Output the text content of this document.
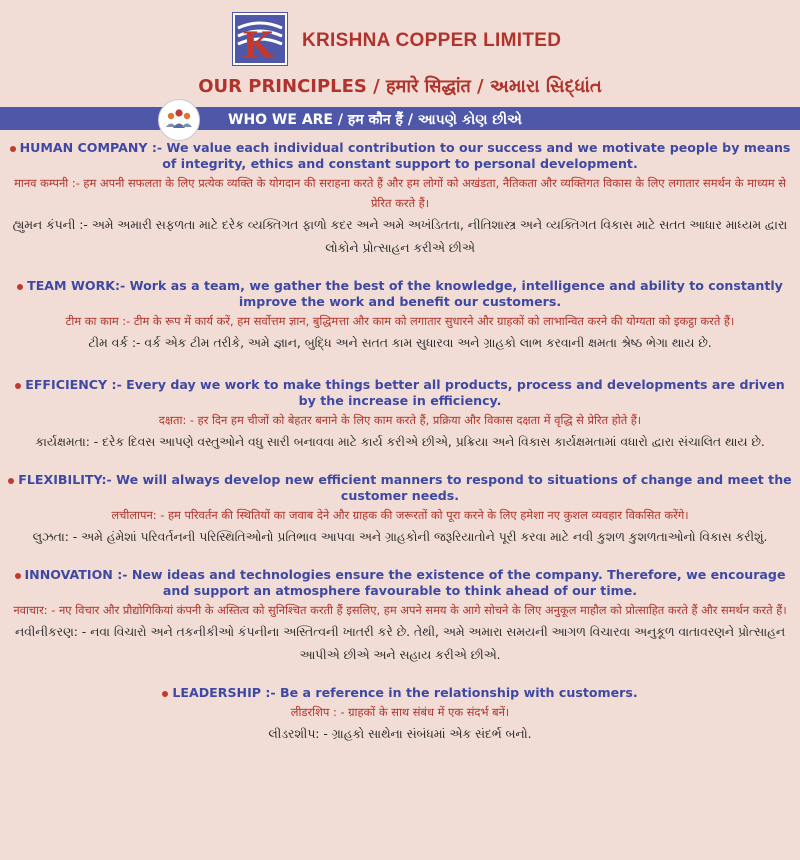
K KRISHNA COPPER LIMITED
OUR PRINCIPLES / हमारे सिद्धांत / અમારા સિદ્ધાંત
WHO WE ARE / हम कौन हैं / આપણે કોણ છીએ
HUMAN COMPANY :- We value each individual contribution to our success and we motivate people by means of integrity, ethics and constant support to personal development.
मानव कम्पनी :- हम अपनी सफलता के लिए प्रत्येक व्यक्ति के योगदान की सराहना करते हैं और हम लोगों को अखंडता, नैतिकता और व्यक्तिगत विकास के लिए लगातार समर्थन के माध्यम से प्रेरित करते हैं।
હ્યુમન કંપની :- અમે અમારી સફળતા માટે દરેક વ્યક્તિગત ફાળો કદર અને અમે અખંડિતતા, નીતિશાસ્ત્ર અને વ્યક્તિગત વિકાસ માટે સતત આધાર માધ્યમ દ્વારા લોકોને પ્રોત્સાહન કરીએ છીએ
TEAM WORK:- Work as a team, we gather the best of the knowledge, intelligence and ability to constantly improve the work and benefit our customers.
टीम का काम :- टीम के रूप में कार्य करें, हम सर्वोत्तम ज्ञान, बुद्धिमत्ता और काम को लगातार सुधारने और ग्राहकों को लाभान्वित करने की योग्यता को इकट्ठा करते हैं।
ટીમ વર્ક :- વર્ક એક ટીમ તરીકે, અમે જ્ઞાન, બુદ્ધિ અને સતત કામ સુધારવા અને ગ્રાહકો લાભ કરવાની ક્ષમતા શ્રેષ્ઠ ભેગા થાય છે.
EFFICIENCY :- Every day we work to make things better all products, process and developments are driven by the increase in efficiency.
दक्षता: - हर दिन हम चीजों को बेहतर बनाने के लिए काम करते हैं, प्रक्रिया और विकास दक्षता में वृद्धि से प्रेरित होते हैं।
કાર્યક્ષમતા: - દરેક દિવસ આપણે વસ્તુઓને વધુ સારી બનાવવા માટે કાર્ય કરીએ છીએ, પ્રક્રિયા અને વિકાસ કાર્યક્ષમતામાં વધારો દ્વારા સંચાલિત થાય છે.
FLEXIBILITY:- We will always develop new efficient manners to respond to situations of change and meet the customer needs.
लचीलापन: - हम परिवर्तन की स्थितियों का जवाब देने और ग्राहक की जरूरतों को पूरा करने के लिए हमेशा नए कुशल व्यवहार विकसित करेंगे।
લુઝતા: - અમે હંમેશાં પરિવર્તનની પરિસ્થિતિઓનો પ્રતિભાવ આપવા અને ગ્રાહકોની જરૂરિયાતોને પૂરી કરવા માટે નવી કુશળ કુશળતાઓનો વિકાસ કરીશું.
INNOVATION :- New ideas and technologies ensure the existence of the company. Therefore, we encourage and support an atmosphere favourable to think ahead of our time.
नवाचार: - नए विचार और प्रौद्योगिकियां कंपनी के अस्तित्व को सुनिश्चित करती हैं इसलिए, हम अपने समय के आगे सोचने के लिए अनुकूल माहौल को प्रोत्साहित करते हैं और समर्थन करते हैं।
નવીનીકરણ: - નવા વિચારો અને તકનીકીઓ કંપનીના અસ્તિત્વની ખાતરી કરે છે. તેથી, અમે અમારા સમયની આગળ વિચારવા અનુકૂળ વાતાવરણને પ્રોત્સાહન આપીએ છીએ અને સહાય કરીએ છીએ.
LEADERSHIP :- Be a reference in the relationship with customers.
लीडरशिप : - ग्राहकों के साथ संबंध में एक संदर्भ बनें।
લીડરશીપ: - ગ્રાહકો સાથેના સંબંધમાં એક સંદર્ભ બનો.
